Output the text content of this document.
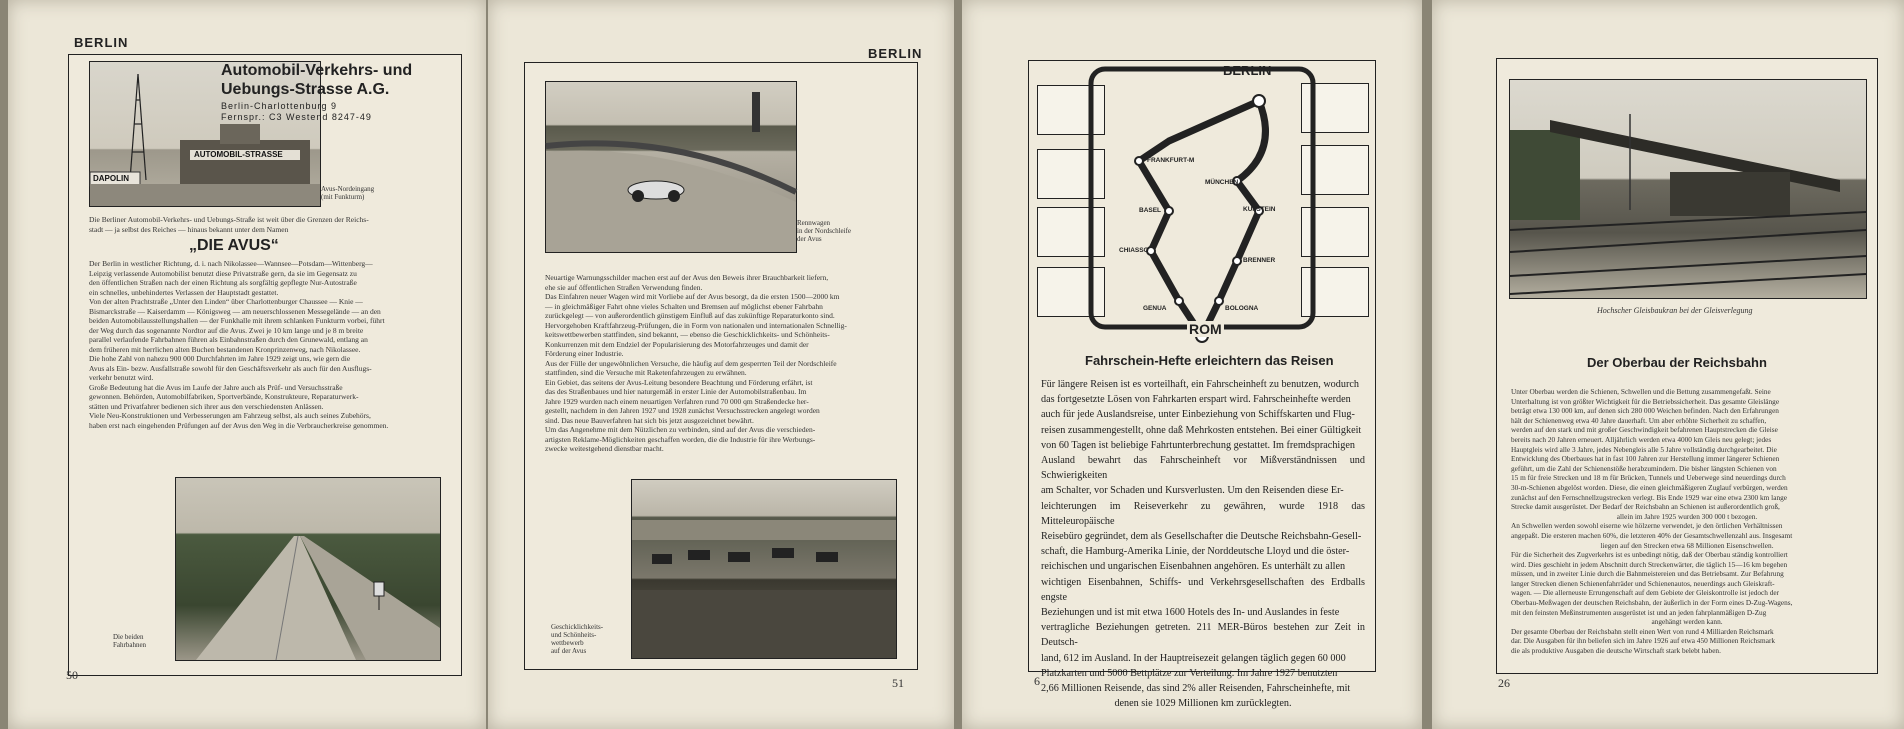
BERLIN
AUTOMOBIL-STRASSE
DAPOLIN
Automobil-Verkehrs- und
Uebungs-Strasse A.G.
Berlin-Charlottenburg 9
Fernspr.: C3 Westend 8247-49
Avus-Nordeingang
(mit Funkturm)
Die Berliner Automobil-Verkehrs- und Uebungs-Straße ist weit über die Grenzen der Reichs-
stadt — ja selbst des Reiches — hinaus bekannt unter dem Namen
„DIE AVUS“
Der Berlin in westlicher Richtung, d. i. nach Nikolassee—Wannsee—Potsdam—Wittenberg—
Leipzig verlassende Automobilist benutzt diese Privatstraße gern, da sie im Gegensatz zu
den öffentlichen Straßen nach der einen Richtung als sorgfältig gepflegte Nur-Autostraße
ein schnelles, unbehindertes Verlassen der Hauptstadt gestattet.
Von der alten Prachtstraße „Unter den Linden“ über Charlottenburger Chaussee — Knie —
Bismarckstraße — Kaiserdamm — Königsweg — am neuerschlossenen Messegelände — an den
beiden Automobilausstellungshallen — der Funkhalle mit ihrem schlanken Funkturm vorbei, führt
der Weg durch das sogenannte Nordtor auf die Avus. Zwei je 10 km lange und je 8 m breite
parallel verlaufende Fahrbahnen führen als Einbahnstraßen durch den Grunewald, entlang an
dem früheren mit herrlichen alten Buchen bestandenen Kronprinzenweg, nach Nikolassee.
Die hohe Zahl von nahezu 900 000 Durchfahrten im Jahre 1929 zeigt uns, wie gern die
Avus als Ein- bezw. Ausfallstraße sowohl für den Geschäftsverkehr als auch für den Ausflugs-
verkehr benutzt wird.
Große Bedeutung hat die Avus im Laufe der Jahre auch als Prüf- und Versuchsstraße
gewonnen. Behörden, Automobilfabriken, Sportverbände, Konstrukteure, Reparaturwerk-
stätten und Privatfahrer bedienen sich ihrer aus den verschiedensten Anlässen.
Viele Neu-Konstruktionen und Verbesserungen am Fahrzeug selbst, als auch seines Zubehörs,
haben erst nach eingehenden Prüfungen auf der Avus den Weg in die Verbraucherkreise genommen.
Die beiden
Fahrbahnen
50
BERLIN
Rennwagen
in der Nordschleife
der Avus
Neuartige Warnungsschilder machen erst auf der Avus den Beweis ihrer Brauchbarkeit liefern,
ehe sie auf öffentlichen Straßen Verwendung finden.
Das Einfahren neuer Wagen wird mit Vorliebe auf der Avus besorgt, da die ersten 1500—2000 km
— in gleichmäßiger Fahrt ohne vieles Schalten und Bremsen auf möglichst ebener Fahrbahn
zurückgelegt — von außerordentlich günstigem Einfluß auf das zukünftige Reparaturkonto sind.
Hervorgehoben Kraftfahrzeug-Prüfungen, die in Form von nationalen und internationalen Schnellig-
keitswettbewerben stattfinden, sind bekannt, — ebenso die Geschicklichkeits- und Schönheits-
Konkurrenzen mit dem Endziel der Popularisierung des Motorfahrzeuges und damit der
Förderung einer Industrie.
Aus der Fülle der ungewöhnlichen Versuche, die häufig auf dem gesperrten Teil der Nordschleife
stattfinden, sind die Versuche mit Raketenfahrzeugen zu erwähnen.
Ein Gebiet, das seitens der Avus-Leitung besondere Beachtung und Förderung erfährt, ist
das des Straßenbaues und hier naturgemäß in erster Linie der Automobilstraßenbau. Im
Jahre 1929 wurden nach einem neuartigen Verfahren rund 70 000 qm Straßendecke her-
gestellt, nachdem in den Jahren 1927 und 1928 zunächst Versuchsstrecken angelegt worden
sind. Das neue Bauverfahren hat sich bis jetzt ausgezeichnet bewährt.
Um das Angenehme mit dem Nützlichen zu verbinden, sind auf der Avus die verschieden-
artigsten Reklame-Möglichkeiten geschaffen worden, die die Industrie für ihre Werbungs-
zwecke weitestgehend dienstbar macht.
Geschicklichkeits-
und Schönheits-
wettbewerb
auf der Avus
51
BERLIN
FRANKFURT-M
MÜNCHEN
KUFSTEIN
BASEL
BRENNER
CHIASSO
GENUA	BOLOGNA
ROM
Fahrschein-Hefte erleichtern das Reisen
Für längere Reisen ist es vorteilhaft, ein Fahrscheinheft zu benutzen, wodurch
das fortgesetzte Lösen von Fahrkarten erspart wird. Fahrscheinhefte werden
auch für jede Auslandsreise, unter Einbeziehung von Schiffskarten und Flug-
reisen zusammengestellt, ohne daß Mehrkosten entstehen. Bei einer Gültigkeit
von 60 Tagen ist beliebige Fahrtunterbrechung gestattet. Im fremdsprachigen
Ausland bewahrt das Fahrscheinheft vor Mißverständnissen und Schwierigkeiten
am Schalter, vor Schaden und Kursverlusten. Um den Reisenden diese Er-
leichterungen im Reiseverkehr zu gewähren, wurde 1918 das Mitteleuropäische
Reisebüro gegründet, dem als Gesellschafter die Deutsche Reichsbahn-Gesell-
schaft, die Hamburg-Amerika Linie, der Norddeutsche Lloyd und die öster-
reichischen und ungarischen Eisenbahnen angehören. Es unterhält zu allen
wichtigen Eisenbahnen, Schiffs- und Verkehrsgesellschaften des Erdballs engste
Beziehungen und ist mit etwa 1600 Hotels des In- und Auslandes in feste
vertragliche Beziehungen getreten. 211 MER-Büros bestehen zur Zeit in Deutsch-
land, 612 im Ausland. In der Hauptreisezeit gelangen täglich gegen 60 000
Platzkarten und 5000 Bettplätze zur Verteilung. Im Jahre 1927 benutzten
2,66 Millionen Reisende, das sind 2% aller Reisenden, Fahrscheinhefte, mit
denen sie 1029 Millionen km zurücklegten.
6
Hochscher Gleisbaukran bei der Gleisverlegung
Der Oberbau der Reichsbahn
Unter Oberbau werden die Schienen, Schwellen und die Bettung zusammengefaßt. Seine
Unterhaltung ist von größter Wichtigkeit für die Betriebssicherheit. Das gesamte Gleislänge
beträgt etwa 130 000 km, auf denen sich 280 000 Weichen befinden. Nach den Erfahrungen
hält der Schienenweg etwa 40 Jahre dauerhaft. Um aber erhöhte Sicherheit zu schaffen,
werden auf den stark und mit großer Geschwindigkeit befahrenen Hauptstrecken die Gleise
bereits nach 20 Jahren erneuert. Alljährlich werden etwa 4000 km Gleis neu gelegt; jedes
Hauptgleis wird alle 3 Jahre, jedes Nebengleis alle 5 Jahre vollständig durchgearbeitet. Die
Entwicklung des Oberbaues hat in fast 100 Jahren zur Herstellung immer längerer Schienen
geführt, um die Zahl der Schienenstöße herabzumindern. Die bisher längsten Schienen von
15 m für freie Strecken und 18 m für Brücken, Tunnels und Ueberwege sind neuerdings durch
30-m-Schienen abgelöst worden. Diese, die einen gleichmäßigeren Zuglauf verbürgen, werden
zunächst auf den Fernschnellzugstrecken verlegt. Bis Ende 1929 war eine etwa 2300 km lange
Strecke damit ausgerüstet. Der Bedarf der Reichsbahn an Schienen ist außerordentlich groß,
allein im Jahre 1925 wurden 300 000 t bezogen.
An Schwellen werden sowohl eiserne wie hölzerne verwendet, je den örtlichen Verhältnissen
angepaßt. Die ersteren machen 60%, die letzteren 40% der Gesamtschwellenzahl aus. Insgesamt
liegen auf den Strecken etwa 68 Millionen Eisenschwellen.
Für die Sicherheit des Zugverkehrs ist es unbedingt nötig, daß der Oberbau ständig kontrolliert
wird. Dies geschieht in jedem Abschnitt durch Streckenwärter, die täglich 15—16 km begehen
müssen, und in zweiter Linie durch die Bahnmeistereien und das Betriebsamt. Zur Befahrung
langer Strecken dienen Schienenfahrräder und Schienenautos, neuerdings auch Gleiskraft-
wagen. — Die allerneuste Errungenschaft auf dem Gebiete der Gleiskontrolle ist jedoch der
Oberbau-Meßwagen der deutschen Reichsbahn, der äußerlich in der Form eines D-Zug-Wagens,
mit den feinsten Meßinstrumenten ausgerüstet ist und an jeden fahrplanmäßigen D-Zug
angehängt werden kann.
Der gesamte Oberbau der Reichsbahn stellt einen Wert von rund 4 Milliarden Reichsmark
dar. Die Ausgaben für ihn beliefen sich im Jahre 1926 auf etwa 450 Millionen Reichsmark
die als produktive Ausgaben die deutsche Wirtschaft stark belebt haben.
26
